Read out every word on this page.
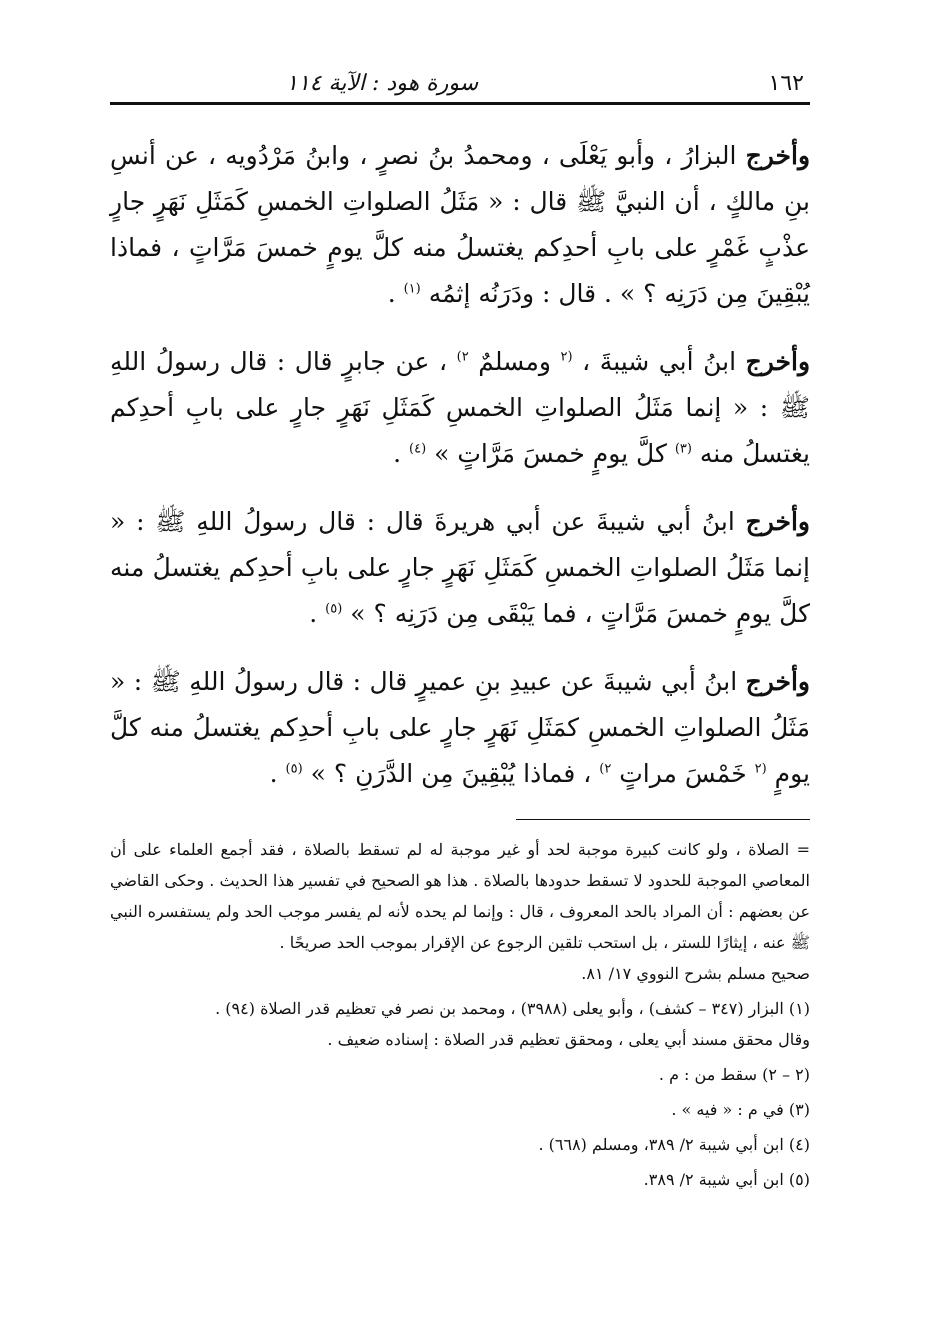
١٦٢
سورة هود : الآية ١١٤

وأخرج البزارُ ، وأبو يَعْلَى ، ومحمدُ بنُ نصرٍ ، وابنُ مَرْدُويه ، عن أنسِ بنِ مالكٍ ، أن النبيَّ ﷺ قال : « مَثَلُ الصلواتِ الخمسِ كَمَثَلِ نَهَرٍ جارٍ عذْبٍ غَمْرٍ على بابِ أحدِكم يغتسلُ منه كلَّ يومٍ خمسَ مَرَّاتٍ ، فماذا يُبْقِينَ مِن دَرَنِه ؟ » . قال : ودَرَنُه إثمُه $^{(١)}$ .

وأخرج ابنُ أبي شيبةَ ، $^{(٢}$ ومسلمٌ $^{٢)}$ ، عن جابرٍ قال : قال رسولُ اللهِ ﷺ : « إنما مَثَلُ الصلواتِ الخمسِ كَمَثَلِ نَهَرٍ جارٍ على بابِ أحدِكم يغتسلُ منه $^{(٣)}$ كلَّ يومٍ خمسَ مَرَّاتٍ » $^{(٤)}$ .

وأخرج ابنُ أبي شيبةَ عن أبي هريرةَ قال : قال رسولُ اللهِ ﷺ : « إنما مَثَلُ الصلواتِ الخمسِ كَمَثَلِ نَهَرٍ جارٍ على بابِ أحدِكم يغتسلُ منه كلَّ يومٍ خمسَ مَرَّاتٍ ، فما يَبْقَى مِن دَرَنِه ؟ » $^{(٥)}$ .

وأخرج ابنُ أبي شيبةَ عن عبيدِ بنِ عميرٍ قال : قال رسولُ اللهِ ﷺ : « مَثَلُ الصلواتِ الخمسِ كمَثَلِ نَهَرٍ جارٍ على بابِ أحدِكم يغتسلُ منه كلَّ يومٍ $^{(٢}$ خَمْسَ مراتٍ $^{٢)}$ ، فماذا يُبْقِينَ مِن الدَّرَنِ ؟ » $^{(٥)}$ .

= الصلاة ، ولو كانت كبيرة موجبة لحد أو غير موجبة له لم تسقط بالصلاة ، فقد أجمع العلماء على أن المعاصي الموجبة للحدود لا تسقط حدودها بالصلاة . هذا هو الصحيح في تفسير هذا الحديث . وحكى القاضي عن بعضهم : أن المراد بالحد المعروف ، قال : وإنما لم يحده لأنه لم يفسر موجب الحد ولم يستفسره النبي ﷺ عنه ، إيثارًا للستر ، بل استحب تلقين الرجوع عن الإقرار بموجب الحد صريحًا .

صحيح مسلم بشرح النووي ١٧/ ٨١.

(١) البزار (٣٤٧ – كشف) ، وأبو يعلى (٣٩٨٨) ، ومحمد بن نصر في تعظيم قدر الصلاة (٩٤) .

وقال محقق مسند أبي يعلى ، ومحقق تعظيم قدر الصلاة : إسناده ضعيف .

(٢ – ٢) سقط من : م .

(٣) في م : « فيه » .

(٤) ابن أبي شيبة ٢/ ٣٨٩، ومسلم (٦٦٨) .

(٥) ابن أبي شيبة ٢/ ٣٨٩.
